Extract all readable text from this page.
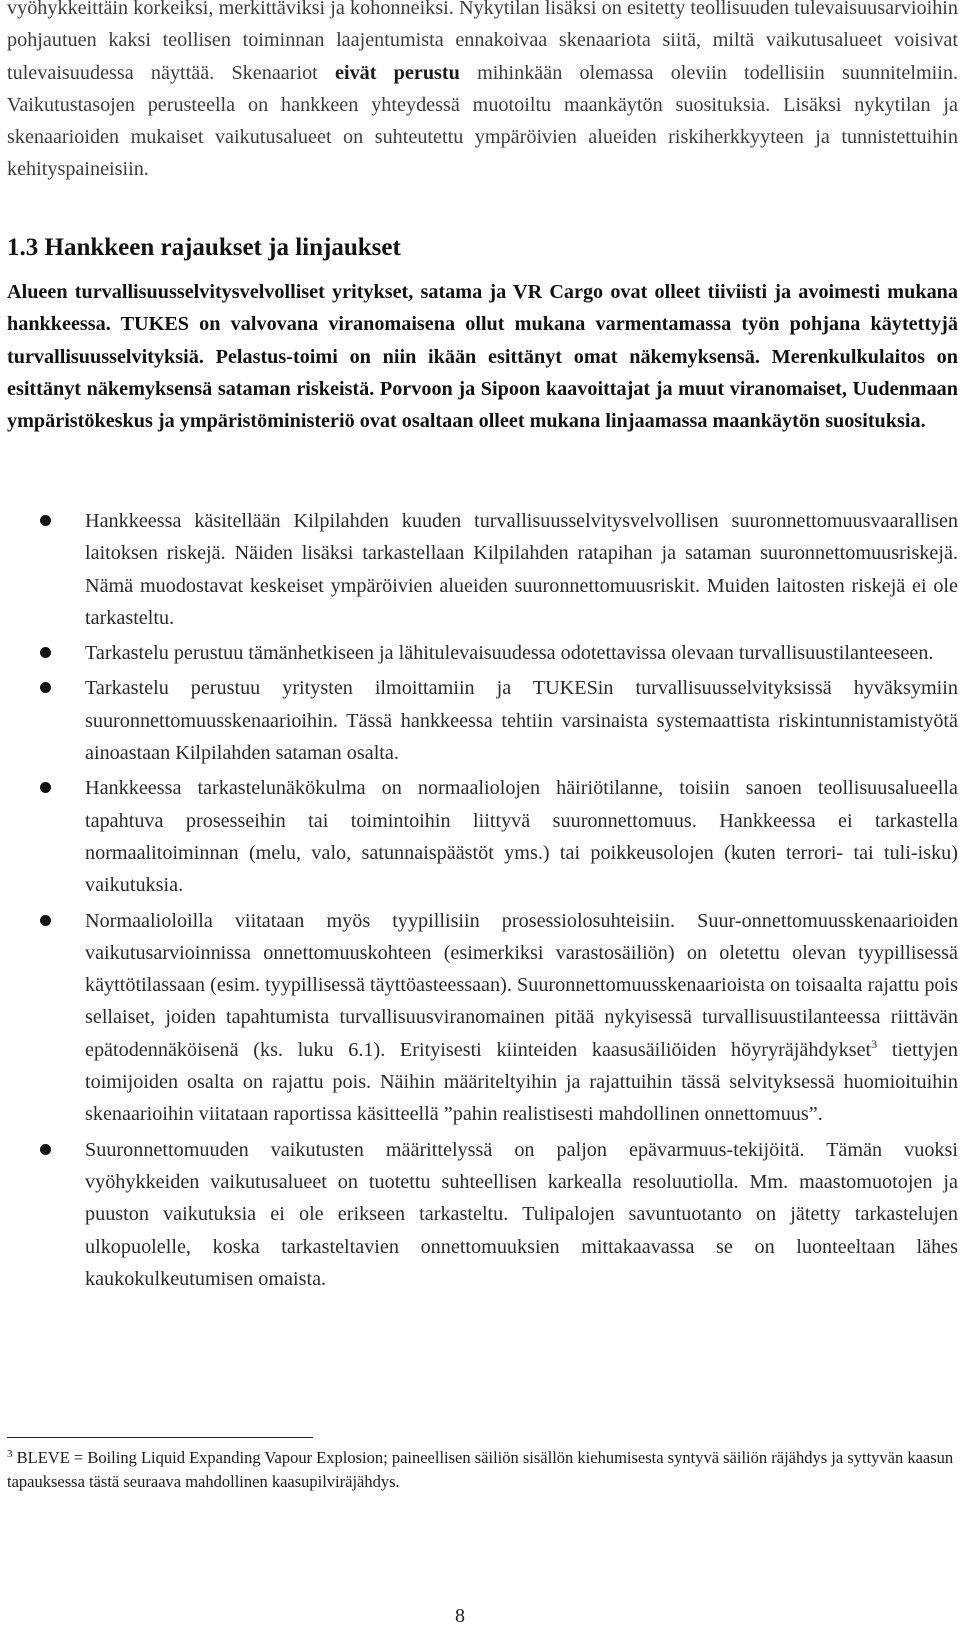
vyöhykkeittäin korkeiksi, merkittäviksi ja kohonneiksi. Nykytilan lisäksi on esitetty teollisuuden tulevaisuusarvioihin pohjautuen kaksi teollisen toiminnan laajentumista ennakoivaa skenaariota siitä, miltä vaikutusalueet voisivat tulevaisuudessa näyttää. Skenaariot eivät perustu mihinkään olemassa oleviin todellisiin suunnitelmiin. Vaikutustasojen perusteella on hankkeen yhteydessä muotoiltu maankäytön suosituksia. Lisäksi nykytilan ja skenaarioiden mukaiset vaikutusalueet on suhteutettu ympäröivien alueiden riskiherkkyyteen ja tunnistettuihin kehityspaineisiin.

1.3 Hankkeen rajaukset ja linjaukset

Alueen turvallisuusselvitysvelvolliset yritykset, satama ja VR Cargo ovat olleet tiiviisti ja avoimesti mukana hankkeessa. TUKES on valvovana viranomaisena ollut mukana varmentamassa työn pohjana käytettyjä turvallisuusselvityksiä. Pelastus-toimi on niin ikään esittänyt omat näkemyksensä. Merenkulkulaitos on esittänyt näkemyksensä sataman riskeistä. Porvoon ja Sipoon kaavoittajat ja muut viranomaiset, Uudenmaan ympäristökeskus ja ympäristöministeriö ovat osaltaan olleet mukana linjaamassa maankäytön suosituksia.

Hankkeessa käsitellään Kilpilahden kuuden turvallisuusselvitysvelvollisen suuronnettomuusvaarallisen laitoksen riskejä. Näiden lisäksi tarkastellaan Kilpilahden ratapihan ja sataman suuronnettomuusriskejä. Nämä muodostavat keskeiset ympäröivien alueiden suuronnettomuusriskit. Muiden laitosten riskejä ei ole tarkasteltu.
Tarkastelu perustuu tämänhetkiseen ja lähitulevaisuudessa odotettavissa olevaan turvallisuustilanteeseen.
Tarkastelu perustuu yritysten ilmoittamiin ja TUKESin turvallisuusselvityksissä hyväksymiin suuronnettomuusskenaarioihin. Tässä hankkeessa tehtiin varsinaista systemaattista riskintunnistamistyötä ainoastaan Kilpilahden sataman osalta.
Hankkeessa tarkastelunäkökulma on normaaliolojen häiriötilanne, toisiin sanoen teollisuusalueella tapahtuva prosesseihin tai toimintoihin liittyvä suuronnettomuus. Hankkeessa ei tarkastella normaalitoiminnan (melu, valo, satunnaispäästöt yms.) tai poikkeusolojen (kuten terrori- tai tuli-isku) vaikutuksia.
Normaalioloilla viitataan myös tyypillisiin prosessiolosuhteisiin. Suur-onnettomuusskenaarioiden vaikutusarvioinnissa onnettomuuskohteen (esimerkiksi varastosäiliön) on oletettu olevan tyypillisessä käyttötilassaan (esim. tyypillisessä täyttöasteessaan). Suuronnettomuusskenaarioista on toisaalta rajattu pois sellaiset, joiden tapahtumista turvallisuusviranomainen pitää nykyisessä turvallisuustilanteessa riittävän epätodennäköisenä (ks. luku 6.1). Erityisesti kiinteiden kaasusäiliöiden höyryräjähdykset$^3$ tiettyjen toimijoiden osalta on rajattu pois. Näihin määriteltyihin ja rajattuihin tässä selvityksessä huomioituihin skenaarioihin viitataan raportissa käsitteellä ”pahin realistisesti mahdollinen onnettomuus”.
Suuronnettomuuden vaikutusten määrittelyssä on paljon epävarmuus-tekijöitä. Tämän vuoksi vyöhykkeiden vaikutusalueet on tuotettu suhteellisen karkealla resoluutiolla. Mm. maastomuotojen ja puuston vaikutuksia ei ole erikseen tarkasteltu. Tulipalojen savuntuotanto on jätetty tarkastelujen ulkopuolelle, koska tarkasteltavien onnettomuuksien mittakaavassa se on luonteeltaan lähes kaukokulkeutumisen omaista.

$^3$ BLEVE = Boiling Liquid Expanding Vapour Explosion; paineellisen säiliön sisällön kiehumisesta syntyvä säiliön räjähdys ja syttyvän kaasun tapauksessa tästä seuraava mahdollinen kaasupilviräjähdys.

8
